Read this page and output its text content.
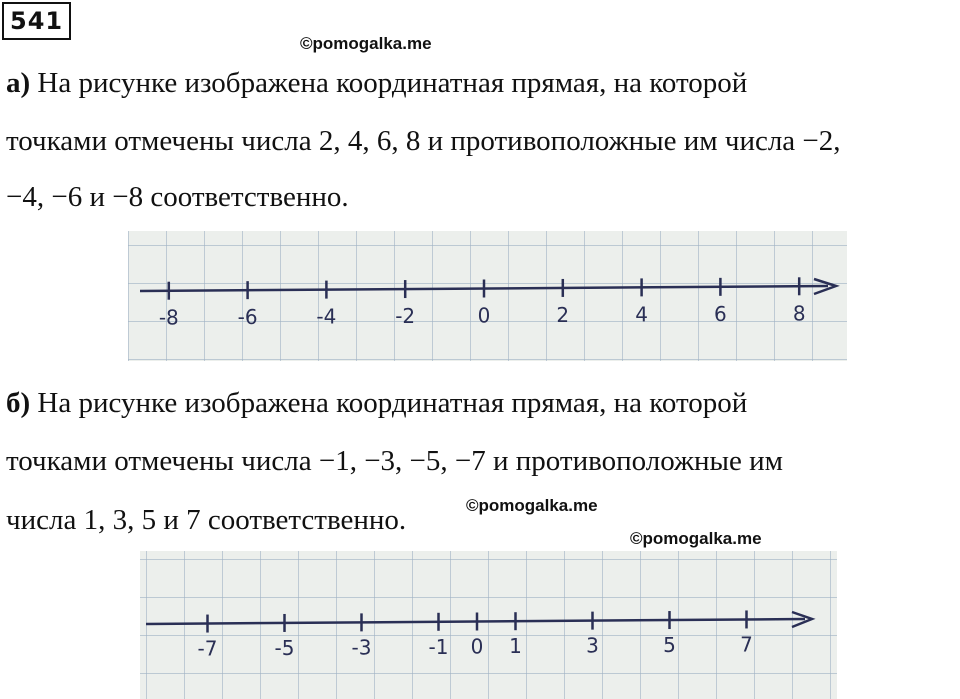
541
©pomogalka.me
а) На рисунке изображена координатная прямая, на которой
точками отмечены числа 2, 4, 6, 8 и противоположные им числа −2,
−4, −6 и −8 соответственно.
-8	-6	-4	-2	0	2	4	6	8
б) На рисунке изображена координатная прямая, на которой
точками отмечены числа −1, −3, −5, −7 и противоположные им
числа 1, 3, 5 и 7 соответственно.	©pomogalka.me
©pomogalka.me
-7	-5	-3	-1 0 1	3	5	7
